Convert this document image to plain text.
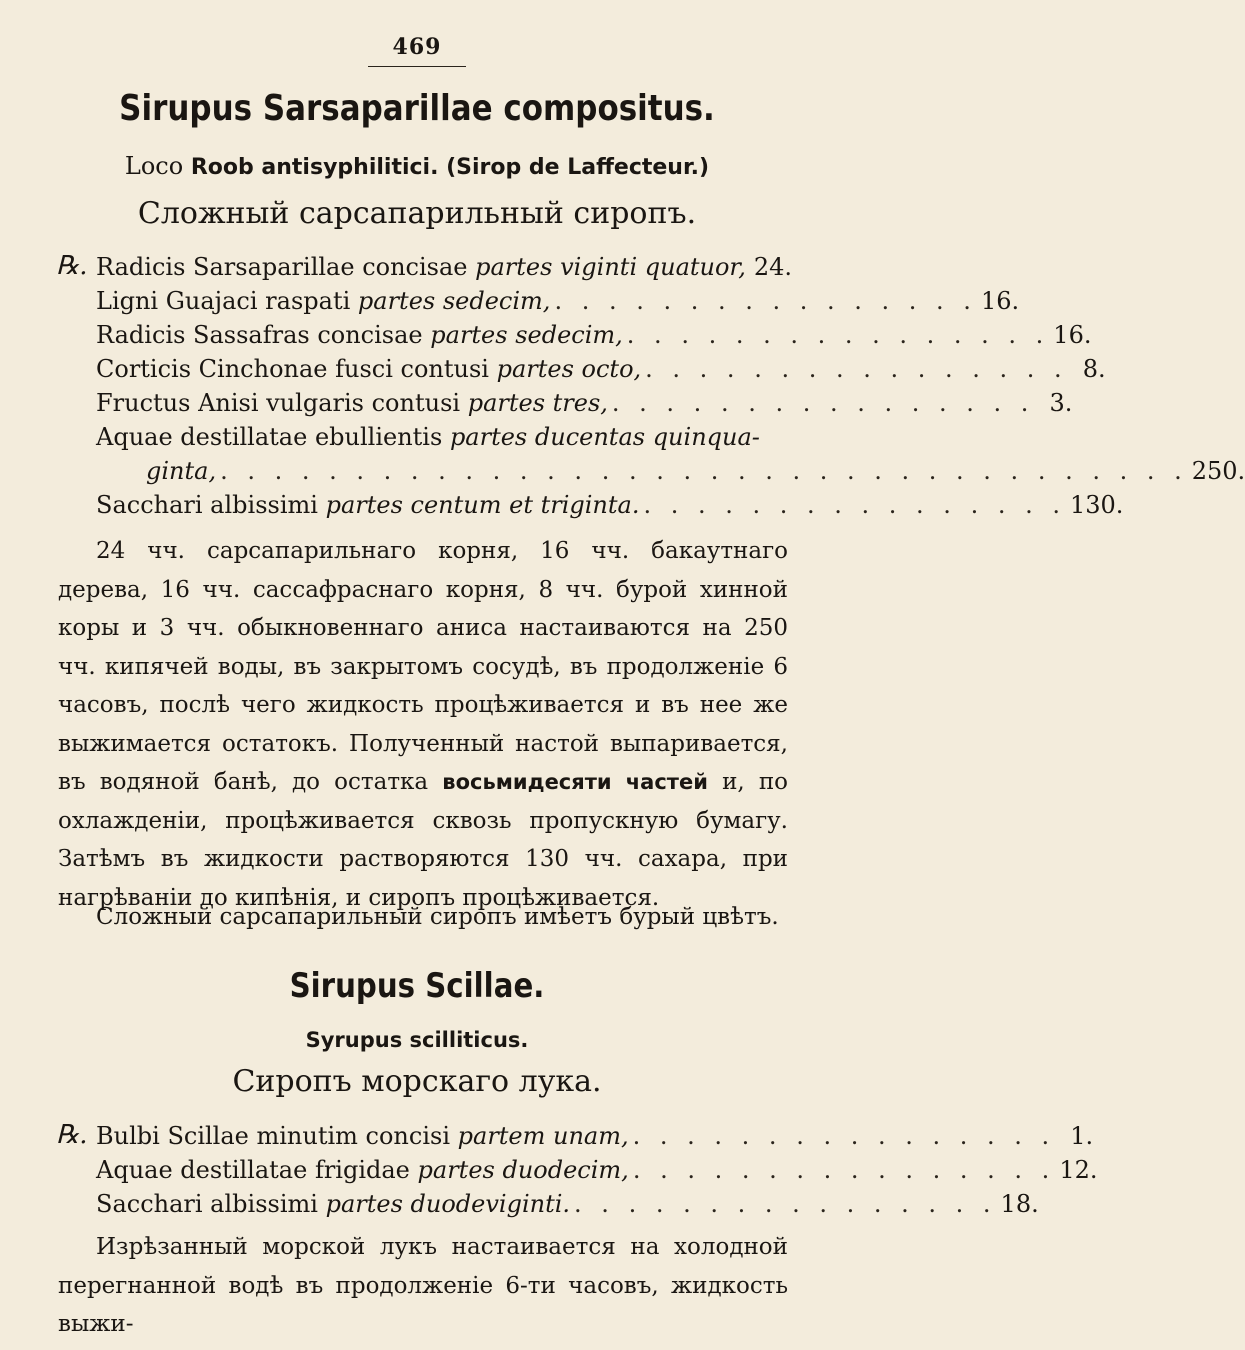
469
Sirupus Sarsaparillae compositus.
Loco Roob antisyphilitici. (Sirop de Laffecteur.)
Сложный сарсапарильный сиропъ.
℞. Radicis Sarsaparillae concisae partes viginti quatuor, 24.
Ligni Guajaci raspati partes sedecim, . . . . . . . . . . . . . . . . 16.
Radicis Sassafras concisae partes sedecim, . . . . . . . . . . . . . . . . 16.
Corticis Cinchonae fusci contusi partes octo, . . . . . . . . . . . . . . . . 8.
Fructus Anisi vulgaris contusi partes tres, . . . . . . . . . . . . . . . . 3.
Aquae destillatae ebullientis partes ducentas quinqua-
ginta, . . . . . . . . . . . . . . . . . . . . . . . . . . . . . . . . . . . . 250.
Sacchari albissimi partes centum et triginta. . . . . . . . . . . . . . . . . 130.
24 чч. сарсапарильнаго корня, 16 чч. бакаутнаго дерева, 16 чч. сассафраснаго корня, 8 чч. бурой хинной коры и 3 чч. обыкновеннаго аниса настаиваются на 250 чч. кипячей воды, въ закрытомъ сосудѣ, въ продолженіе 6 часовъ, послѣ чего жидкость процѣживается и въ нее же выжимается остатокъ. Полученный настой выпаривается, въ водяной банѣ, до остатка восьмидесяти частей и, по охлажденіи, процѣживается сквозь пропускную бумагу. Затѣмъ въ жидкости растворяются 130 чч. сахара, при нагрѣваніи до кипѣнія, и сиропъ процѣживается.
Сложный сарсапарильный сиропъ имѣетъ бурый цвѣтъ.
Sirupus Scillae.
Syrupus scilliticus.
Сиропъ морскаго лука.
℞. Bulbi Scillae minutim concisi partem unam, . . . . . . . . . . . . . . . . 1.
Aquae destillatae frigidae partes duodecim, . . . . . . . . . . . . . . . . 12.
Sacchari albissimi partes duodeviginti. . . . . . . . . . . . . . . . . 18.
Изрѣзанный морской лукъ настаивается на холодной перегнанной водѣ въ продолженіе 6-ти часовъ, жидкость выжи-
